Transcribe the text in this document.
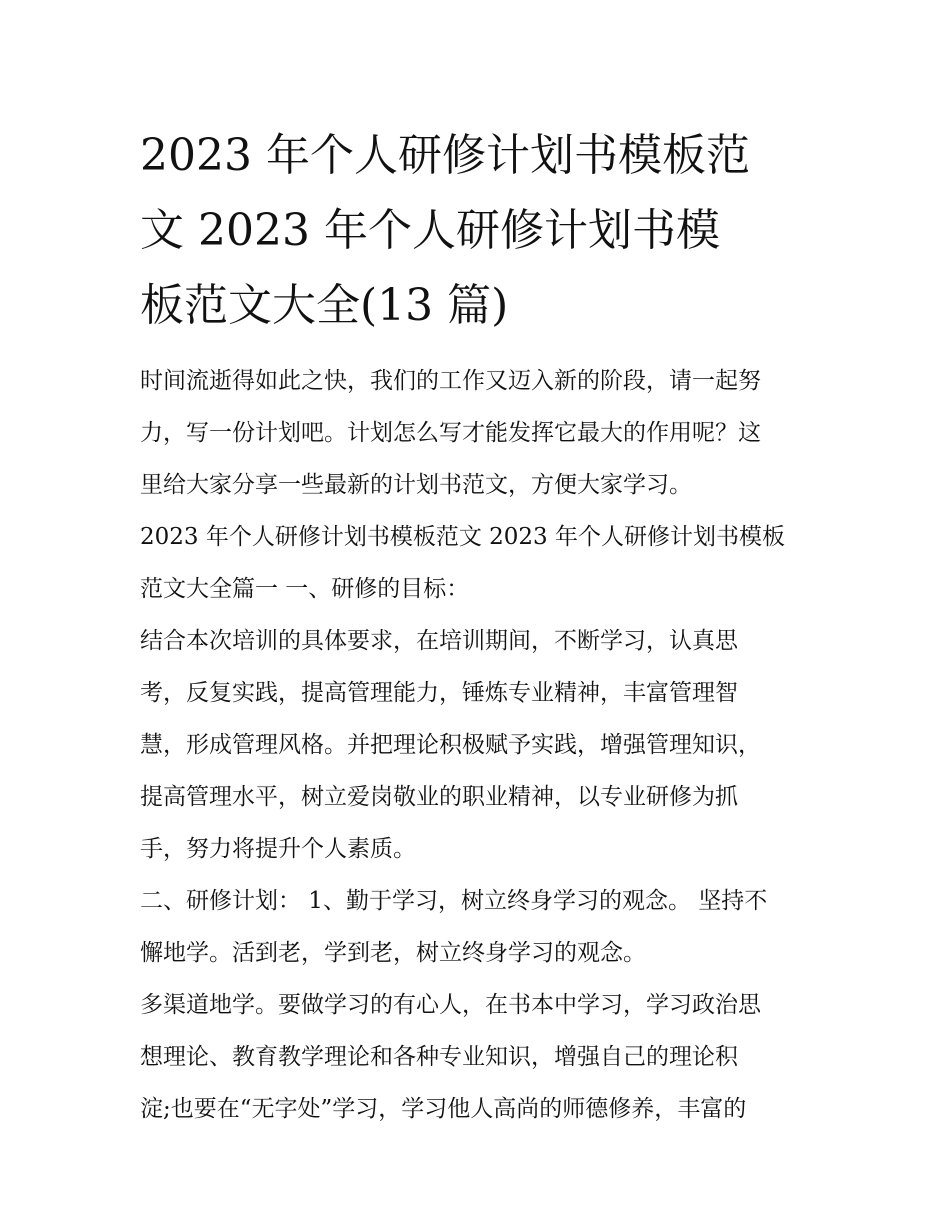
2023 年个人研修计划书模板范
文 2023 年个人研修计划书模
板范文大全(13 篇)

时间流逝得如此之快，我们的工作又迈入新的阶段，请一起努

力，写一份计划吧。计划怎么写才能发挥它最大的作用呢？这

里给大家分享一些最新的计划书范文，方便大家学习。

2023 年个人研修计划书模板范文 2023 年个人研修计划书模板

范文大全篇一 一、研修的目标：

结合本次培训的具体要求，在培训期间，不断学习，认真思

考，反复实践，提高管理能力，锤炼专业精神，丰富管理智

慧，形成管理风格。并把理论积极赋予实践，增强管理知识，

提高管理水平，树立爱岗敬业的职业精神，以专业研修为抓

手，努力将提升个人素质。

二、研修计划： 1、勤于学习，树立终身学习的观念。 坚持不

懈地学。活到老，学到老，树立终身学习的观念。

多渠道地学。要做学习的有心人，在书本中学习，学习政治思

想理论、教育教学理论和各种专业知识，增强自己的理论积

淀;也要在“无字处”学习，学习他人高尚的师德修养，丰富的
